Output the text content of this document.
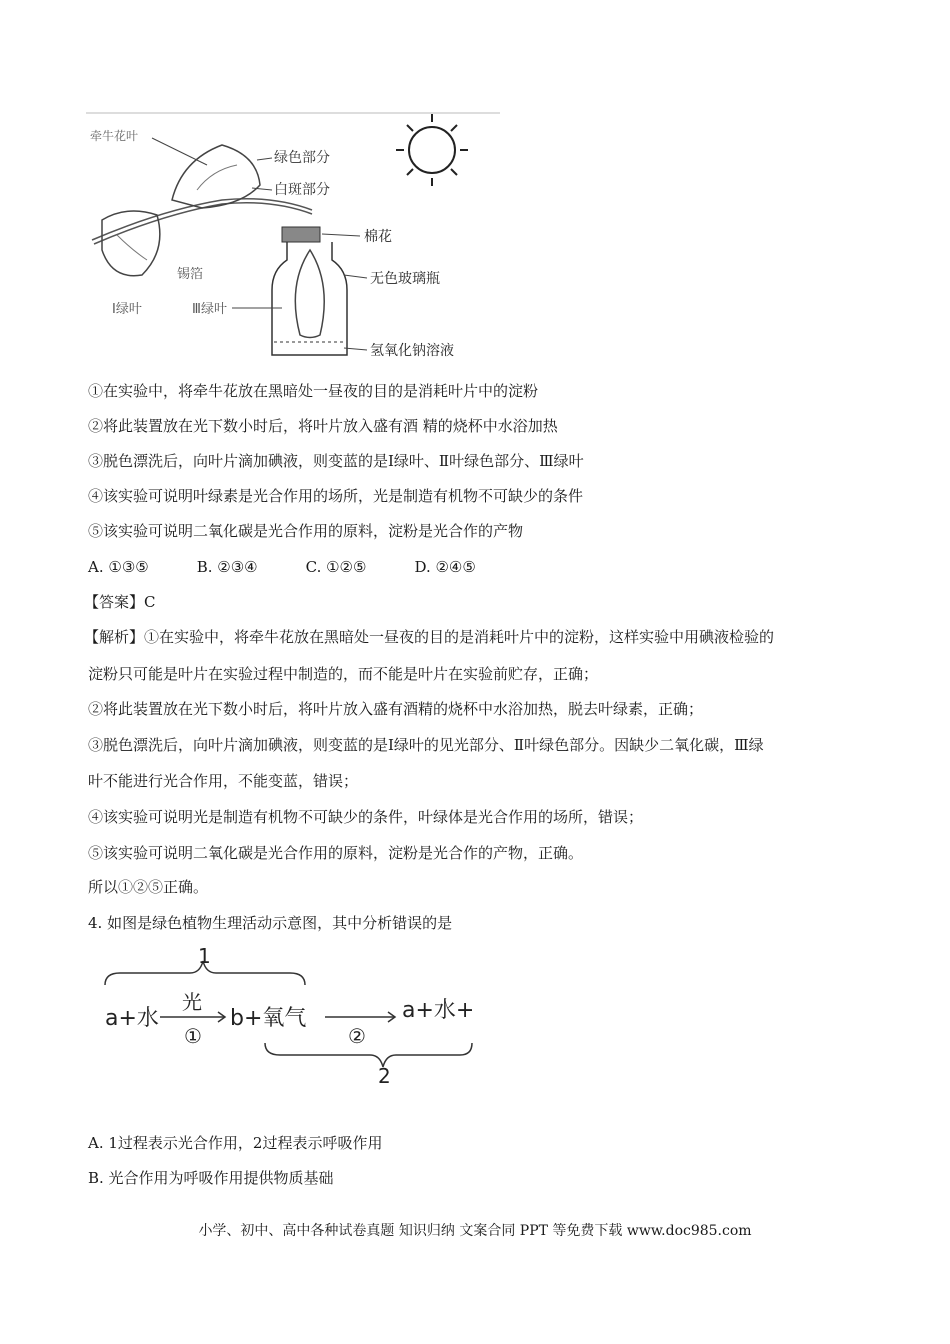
牵牛花叶
绿色部分
白斑部分
棉花
无色玻璃瓶
锡箔
Ⅰ绿叶	Ⅲ绿叶
氢氧化钠溶液
①在实验中，将牵牛花放在黑暗处一昼夜的目的是消耗叶片中的淀粉
②将此装置放在光下数小时后，将叶片放入盛有酒 精的烧杯中水浴加热
③脱色漂洗后，向叶片滴加碘液，则变蓝的是Ⅰ绿叶、Ⅱ叶绿色部分、Ⅲ绿叶
④该实验可说明叶绿素是光合作用的场所，光是制造有机物不可缺少的条件
⑤该实验可说明二氧化碳是光合作用的原料，淀粉是光合作的产物
A. ①③⑤	B. ②③④	C. ①②⑤	D. ②④⑤
【答案】C
【解析】①在实验中，将牵牛花放在黑暗处一昼夜的目的是消耗叶片中的淀粉，这样实验中用碘液检验的
淀粉只可能是叶片在实验过程中制造的，而不能是叶片在实验前贮存，正确；
②将此装置放在光下数小时后，将叶片放入盛有酒精的烧杯中水浴加热，脱去叶绿素，正确；
③脱色漂洗后，向叶片滴加碘液，则变蓝的是Ⅰ绿叶的见光部分、Ⅱ叶绿色部分。因缺少二氧化碳，Ⅲ绿
叶不能进行光合作用，不能变蓝，错误；
④该实验可说明光是制造有机物不可缺少的条件，叶绿体是光合作用的场所，错误；
⑤该实验可说明二氧化碳是光合作用的原料，淀粉是光合作的产物，正确。
所以①②⑤正确。
4. 如图是绿色植物生理活动示意图，其中分析错误的是
1
2
a+水
光
①
b+氧气
②
a+水+
A. 1过程表示光合作用，2过程表示呼吸作用
B. 光合作用为呼吸作用提供物质基础
小学、初中、高中各种试卷真题 知识归纳 文案合同 PPT 等免费下载 www.doc985.com
